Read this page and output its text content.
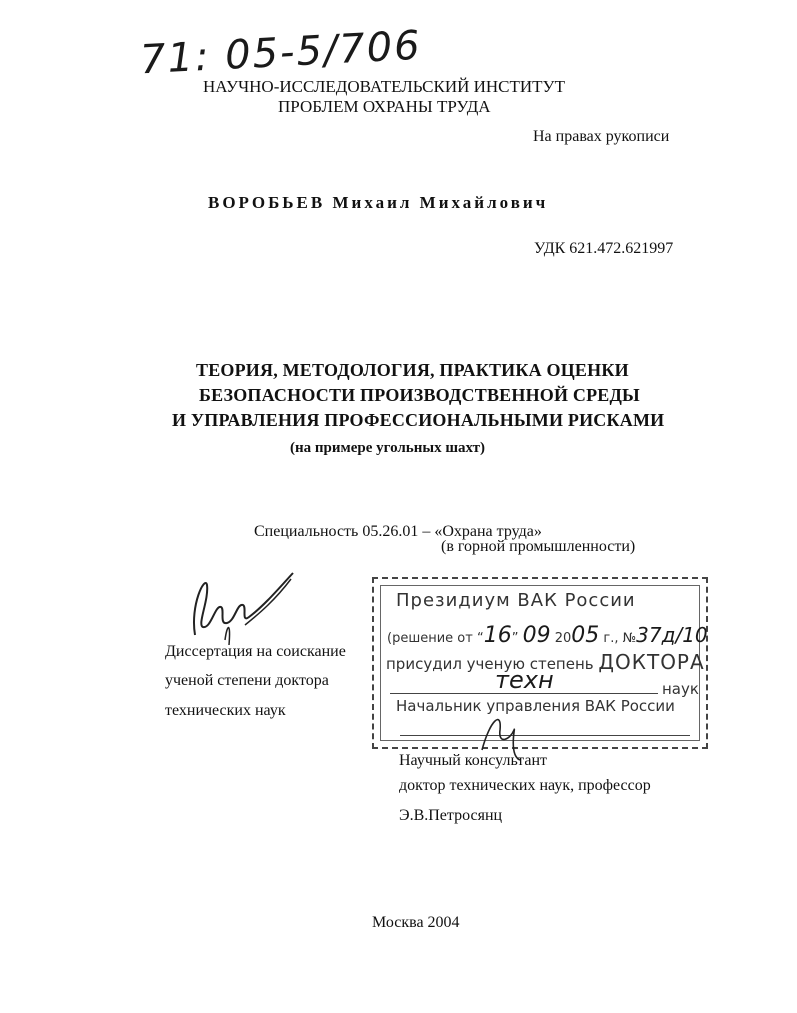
71: 05-5/706
НАУЧНО-ИССЛЕДОВАТЕЛЬСКИЙ ИНСТИТУТ
ПРОБЛЕМ ОХРАНЫ ТРУДА
На правах рукописи
ВОРОБЬЕВ Михаил Михайлович
УДК 621.472.621997
ТЕОРИЯ, МЕТОДОЛОГИЯ, ПРАКТИКА ОЦЕНКИ
БЕЗОПАСНОСТИ ПРОИЗВОДСТВЕННОЙ СРЕДЫ
И УПРАВЛЕНИЯ ПРОФЕССИОНАЛЬНЫМИ РИСКАМИ
(на примере угольных шахт)
Специальность 05.26.01 – «Охрана труда»
(в горной промышленности)
Диссертация на соискание
ученой степени доктора
технических наук
Президиум ВАК России
(решение от “16” 09 2005 г., №37д/10
присудил ученую степень ДОКТОРА
техн	наук
Начальник управления ВАК России
Научный консультант
доктор технических наук, профессор
Э.В.Петросянц
Москва 2004
